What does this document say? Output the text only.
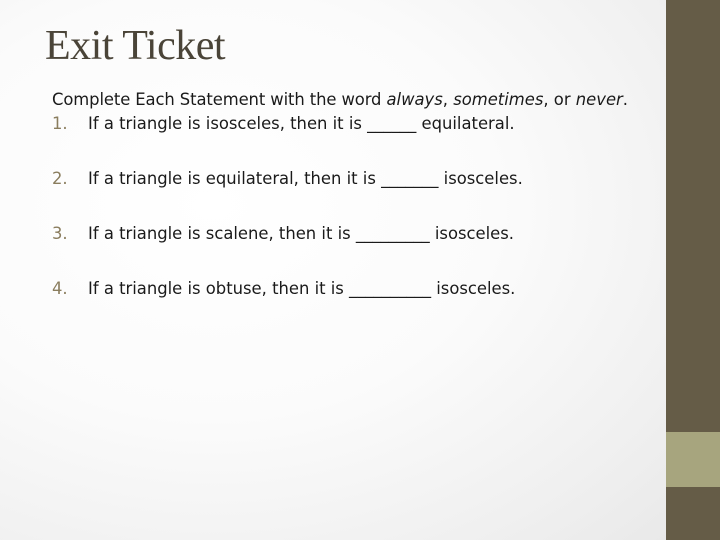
Exit Ticket

Complete Each Statement with the word always, sometimes, or never.

1.	If a triangle is isosceles, then it is ______ equilateral.
2.	If a triangle is equilateral, then it is _______ isosceles.
3.	If a triangle is scalene, then it is _________ isosceles.
4.	If a triangle is obtuse, then it is __________ isosceles.
